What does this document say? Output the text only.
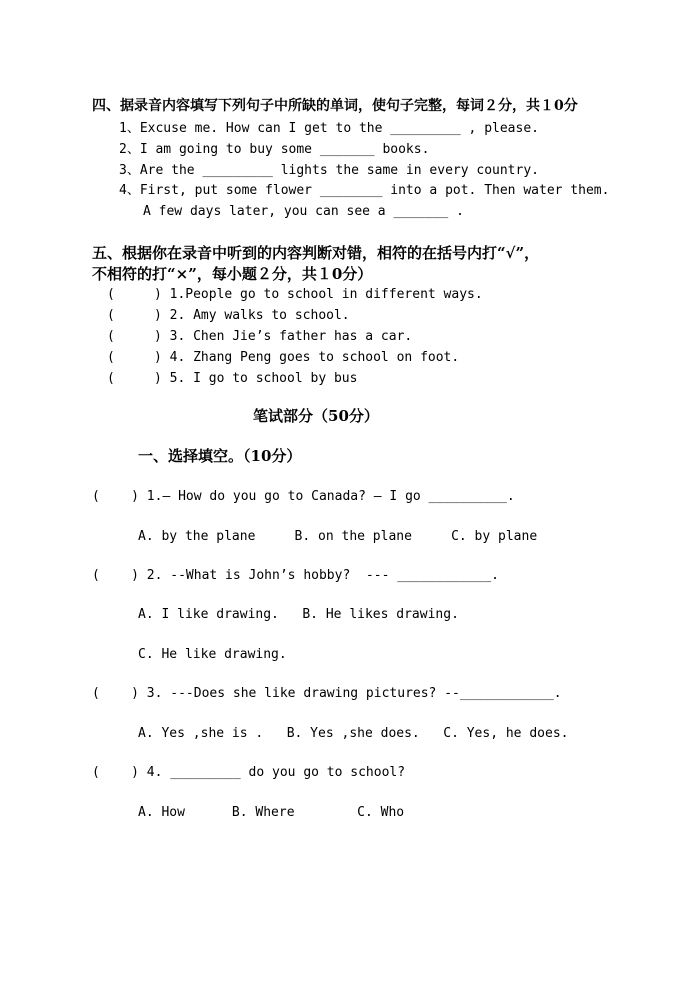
四、据录音内容填写下列句子中所缺的单词，使句子完整，每词２分，共１0分
1、Excuse me. How can I get to the _________ , please.
2、I am going to buy some _______ books.
3、Are the _________ lights the same in every country.
4、First, put some flower ________ into a pot. Then water them.
A few days later, you can see a _______ .
五、根据你在录音中听到的内容判断对错，相符的在括号内打“√”，
不相符的打“×”，每小题２分，共１0分）
(     ) 1.People go to school in different ways.
(     ) 2. Amy walks to school.
(     ) 3. Chen Jie’s father has a car.
(     ) 4. Zhang Peng goes to school on foot.
(     ) 5. I go to school by bus
笔试部分（50分）
一、选择填空。（10分）
(    ) 1.— How do you go to Canada? — I go __________.
A. by the plane     B. on the plane     C. by plane
(    ) 2. --What is John’s hobby?  --- ____________.
A. I like drawing.   B. He likes drawing.
C. He like drawing.
(    ) 3. ---Does she like drawing pictures? --____________.
A. Yes ,she is .   B. Yes ,she does.   C. Yes, he does.
(    ) 4. _________ do you go to school?
A. How      B. Where        C. Who
